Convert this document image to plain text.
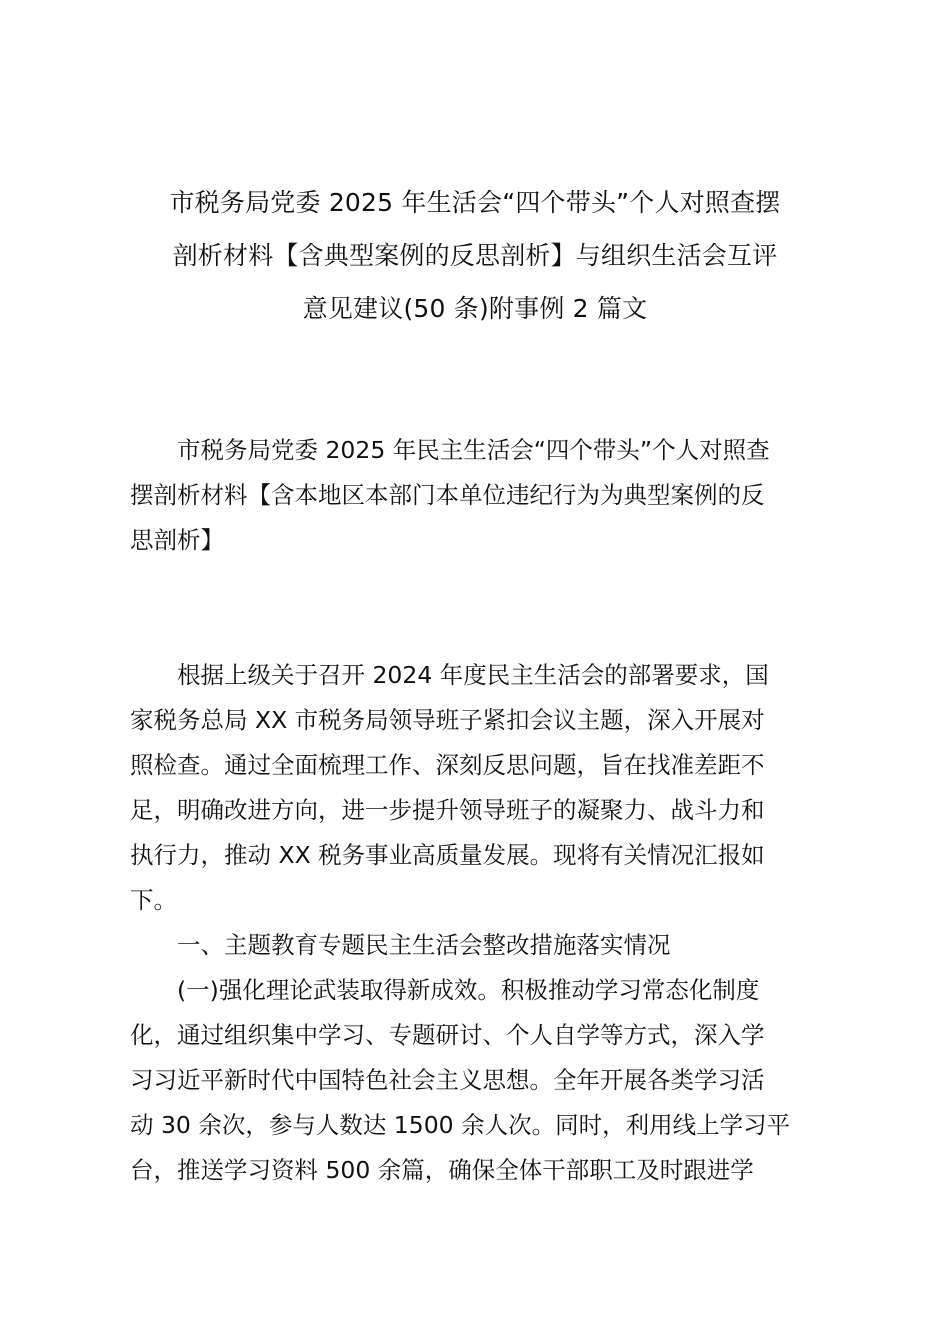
市税务局党委 2025 年生活会“四个带头”个人对照查摆
剖析材料【含典型案例的反思剖析】与组织生活会互评
意见建议(50 条)附事例 2 篇文

市税务局党委 2025 年民主生活会“四个带头”个人对照查
摆剖析材料【含本地区本部门本单位违纪行为为典型案例的反
思剖析】

根据上级关于召开 2024 年度民主生活会的部署要求，国
家税务总局 XX 市税务局领导班子紧扣会议主题，深入开展对
照检查。通过全面梳理工作、深刻反思问题，旨在找准差距不
足，明确改进方向，进一步提升领导班子的凝聚力、战斗力和
执行力，推动 XX 税务事业高质量发展。现将有关情况汇报如
下。

一、主题教育专题民主生活会整改措施落实情况

(一)强化理论武装取得新成效。积极推动学习常态化制度
化，通过组织集中学习、专题研讨、个人自学等方式，深入学
习习近平新时代中国特色社会主义思想。全年开展各类学习活
动 30 余次，参与人数达 1500 余人次。同时，利用线上学习平
台，推送学习资料 500 余篇，确保全体干部职工及时跟进学
